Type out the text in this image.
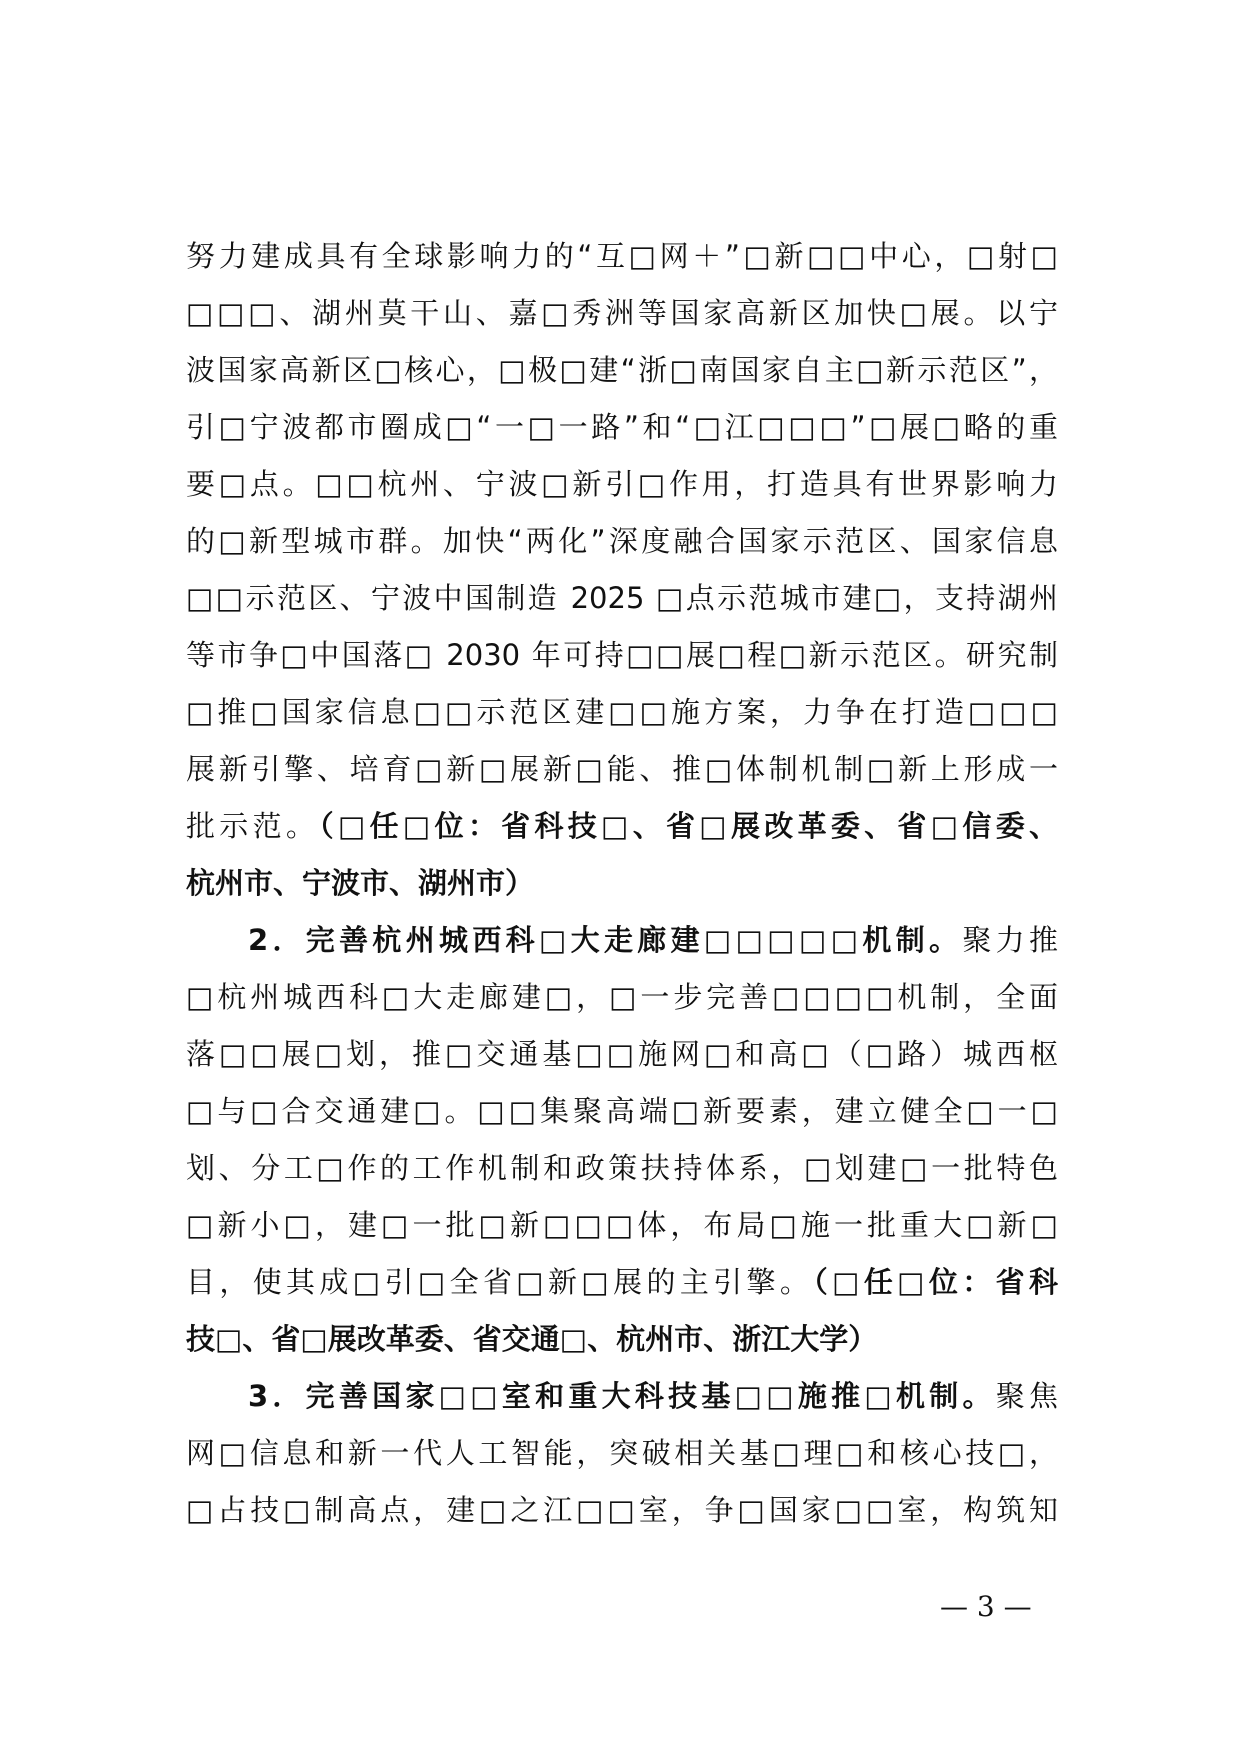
努力建成具有全球影响力的“互□网＋”□新□□中心，□射□
□□□、湖州莫干山、嘉□秀洲等国家高新区加快□展。以宁
波国家高新区□核心，□极□建“浙□南国家自主□新示范区”，
引□宁波都市圈成□“一□一路”和“□江□□□”□展□略的重
要□点。□□杭州、宁波□新引□作用，打造具有世界影响力
的□新型城市群。加快“两化”深度融合国家示范区、国家信息
□□示范区、宁波中国制造 2025 □点示范城市建□，支持湖州
等市争□中国落□ 2030 年可持□□展□程□新示范区。研究制
□推□国家信息□□示范区建□□施方案，力争在打造□□□
展新引擎、培育□新□展新□能、推□体制机制□新上形成一
批示范。（□任□位：省科技□、省□展改革委、省□信委、
杭州市、宁波市、湖州市）
2．完善杭州城西科□大走廊建□□□□□机制。聚力推
□杭州城西科□大走廊建□，□一步完善□□□□机制，全面
落□□展□划，推□交通基□□施网□和高□（□路）城西枢
□与□合交通建□。□□集聚高端□新要素，建立健全□一□
划、分工□作的工作机制和政策扶持体系，□划建□一批特色
□新小□，建□一批□新□□□体，布局□施一批重大□新□
目，使其成□引□全省□新□展的主引擎。（□任□位：省科
技□、省□展改革委、省交通□、杭州市、浙江大学）
3．完善国家□□室和重大科技基□□施推□机制。聚焦
网□信息和新一代人工智能，突破相关基□理□和核心技□，
□占技□制高点，建□之江□□室，争□国家□□室，构筑知
— 3 —
